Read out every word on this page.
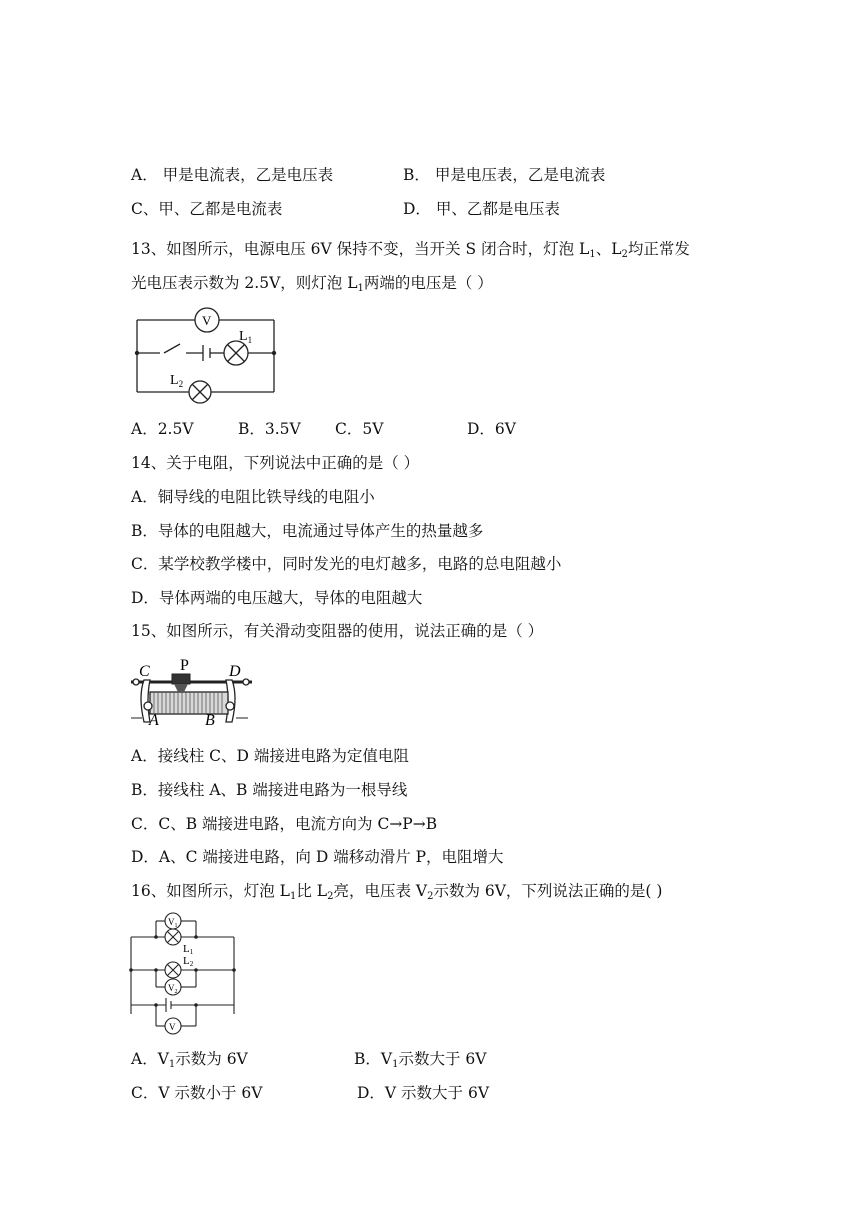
A． 甲是电流表，乙是电压表	B． 甲是电压表，乙是电流表
C、甲、乙都是电流表	D． 甲、乙都是电压表
13、如图所示，电源电压 6V 保持不变，当开关 S 闭合时，灯泡 L1、L2均正常发
光电压表示数为 2.5V，则灯泡 L1两端的电压是（ ）
V
$L_1$
$L_2$
A．2.5V	B．3.5V C．5V	D．6V
14、关于电阻，下列说法中正确的是（ ）
A．铜导线的电阻比铁导线的电阻小
B．导体的电阻越大，电流通过导体产生的热量越多
C．某学校教学楼中，同时发光的电灯越多，电路的总电阻越小
D．导体两端的电压越大，导体的电阻越大
15、如图所示，有关滑动变阻器的使用，说法正确的是（ ）
C P	D
A	B
A．接线柱 C、D 端接进电路为定值电阻
B．接线柱 A、B 端接进电路为一根导线
C．C、B 端接进电路，电流方向为 C→P→B
D．A、C 端接进电路，向 D 端移动滑片 P，电阻增大
16、如图所示，灯泡 L1比 L2亮，电压表 V2示数为 6V，下列说法正确的是( )
$V_1$
L1
L2
$V_2$
V
A．V1示数为 6V	B．V1示数大于 6V
C．V 示数小于 6V	D．V 示数大于 6V
